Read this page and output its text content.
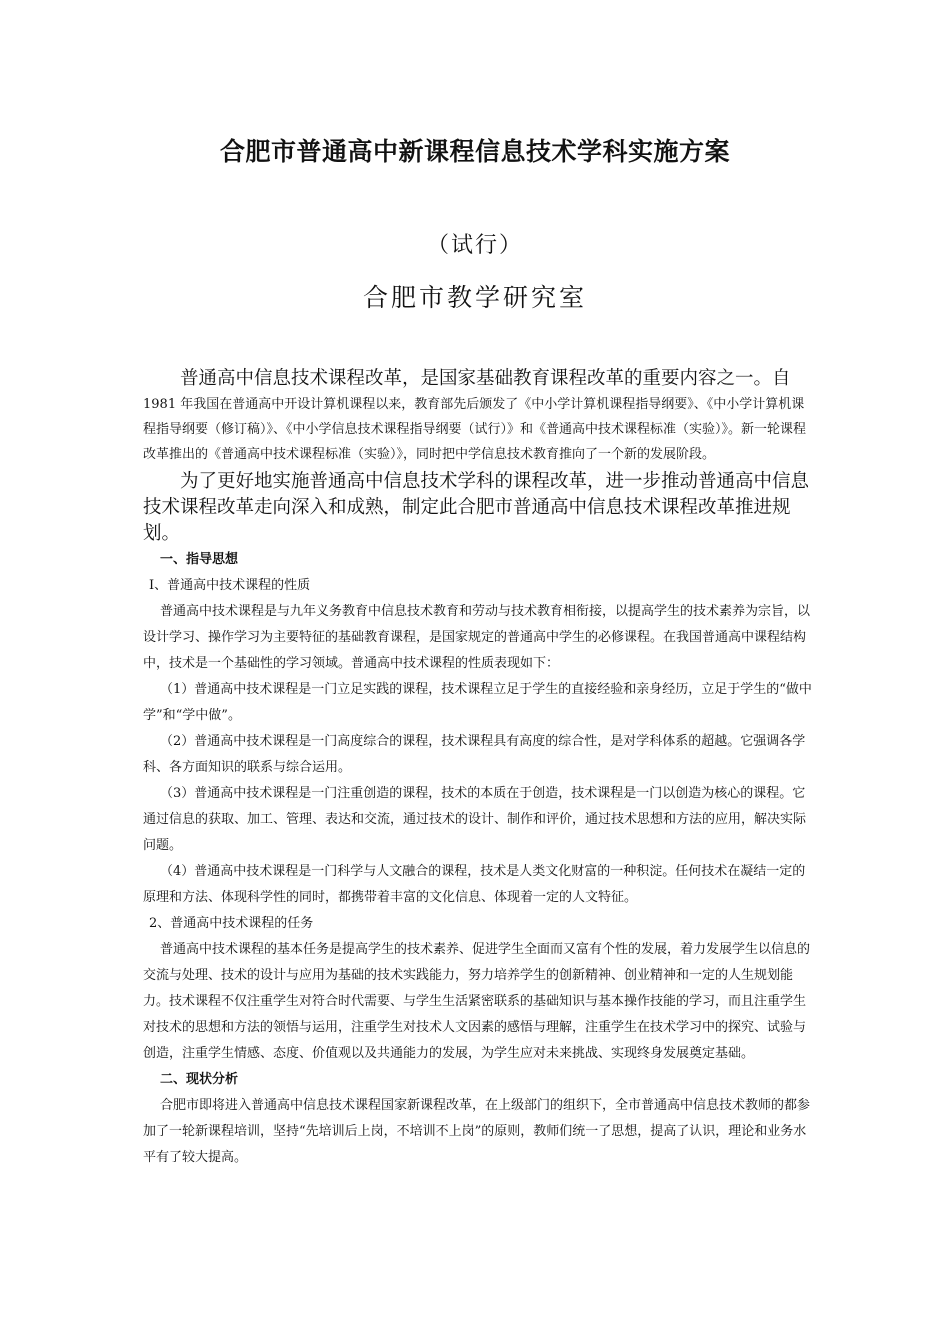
合肥市普通高中新课程信息技术学科实施方案
（试行）
合肥市教学研究室

普通高中信息技术课程改革，是国家基础教育课程改革的重要内容之一。自

1981 年我国在普通高中开设计算机课程以来，教育部先后颁发了《中小学计算机课程指导纲要》、《中小学计算机课程指导纲要（修订稿）》、《中小学信息技术课程指导纲要（试行）》和《普通高中技术课程标准（实验）》。新一轮课程改革推出的《普通高中技术课程标准（实验）》，同时把中学信息技术教育推向了一个新的发展阶段。

为了更好地实施普通高中信息技术学科的课程改革，进一步推动普通高中信息技术课程改革走向深入和成熟，制定此合肥市普通高中信息技术课程改革推进规划。

一、指导思想

Ⅰ、普通高中技术课程的性质

普通高中技术课程是与九年义务教育中信息技术教育和劳动与技术教育相衔接，以提高学生的技术素养为宗旨，以设计学习、操作学习为主要特征的基础教育课程，是国家规定的普通高中学生的必修课程。在我国普通高中课程结构中，技术是一个基础性的学习领域。普通高中技术课程的性质表现如下：

（1）普通高中技术课程是一门立足实践的课程，技术课程立足于学生的直接经验和亲身经历，立足于学生的“做中学”和“学中做”。

（2）普通高中技术课程是一门高度综合的课程，技术课程具有高度的综合性，是对学科体系的超越。它强调各学科、各方面知识的联系与综合运用。

（3）普通高中技术课程是一门注重创造的课程，技术的本质在于创造，技术课程是一门以创造为核心的课程。它通过信息的获取、加工、管理、表达和交流，通过技术的设计、制作和评价，通过技术思想和方法的应用，解决实际问题。

（4）普通高中技术课程是一门科学与人文融合的课程，技术是人类文化财富的一种积淀。任何技术在凝结一定的原理和方法、体现科学性的同时，都携带着丰富的文化信息、体现着一定的人文特征。

2、普通高中技术课程的任务

普通高中技术课程的基本任务是提高学生的技术素养、促进学生全面而又富有个性的发展，着力发展学生以信息的交流与处理、技术的设计与应用为基础的技术实践能力，努力培养学生的创新精神、创业精神和一定的人生规划能力。技术课程不仅注重学生对符合时代需要、与学生生活紧密联系的基础知识与基本操作技能的学习，而且注重学生对技术的思想和方法的领悟与运用，注重学生对技术人文因素的感悟与理解，注重学生在技术学习中的探究、试验与创造，注重学生情感、态度、价值观以及共通能力的发展，为学生应对未来挑战、实现终身发展奠定基础。

二、现状分析

合肥市即将进入普通高中信息技术课程国家新课程改革，在上级部门的组织下，全市普通高中信息技术教师的都参加了一轮新课程培训，坚持“先培训后上岗，不培训不上岗”的原则，教师们统一了思想，提高了认识，理论和业务水平有了较大提高。
